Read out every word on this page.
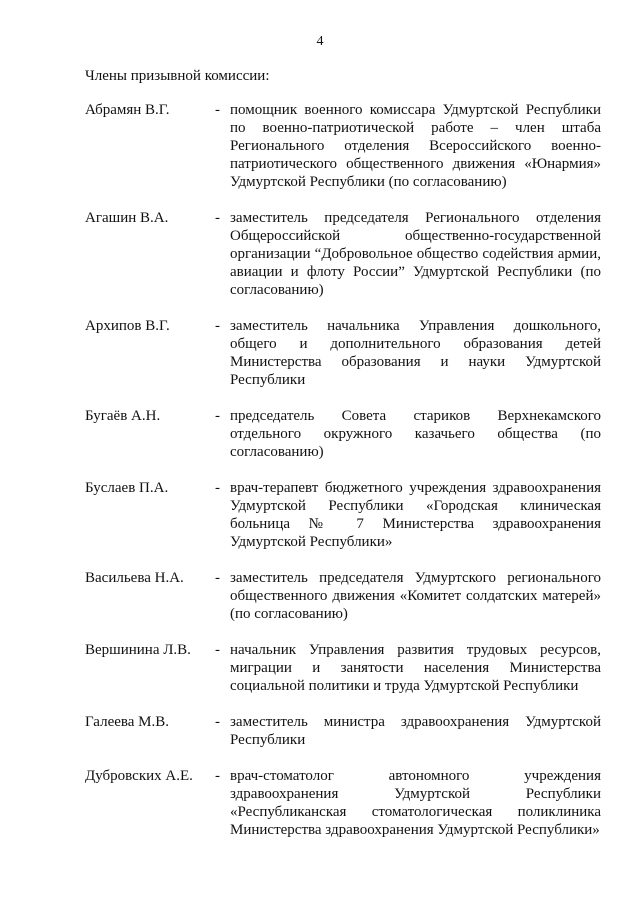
4
Члены призывной комиссии:
Абрамян В.Г.	- помощник военного комиссара Удмуртской Республики по военно-патриотической работе – член штаба Регионального отделения Всероссийского военно-патриотического общественного движения «Юнармия» Удмуртской Республики (по согласованию)
Агашин В.А.	- заместитель председателя Регионального отделения Общероссийской общественно-государственной организации “Добровольное общество содействия армии, авиации и флоту России” Удмуртской Республики (по согласованию)
Архипов В.Г.	- заместитель начальника Управления дошкольного, общего и дополнительного образования детей Министерства образования и науки Удмуртской Республики
Бугаёв А.Н.	- председатель Совета стариков Верхнекамского отдельного окружного казачьего общества (по согласованию)
Буслаев П.А.	- врач-терапевт бюджетного учреждения здравоохранения Удмуртской Республики «Городская клиническая больница № 7 Министерства здравоохранения Удмуртской Республики»
Васильева Н.А.	- заместитель председателя Удмуртского регионального общественного движения «Комитет солдатских матерей» (по согласованию)
Вершинина Л.В.	- начальник Управления развития трудовых ресурсов, миграции и занятости населения Министерства социальной политики и труда Удмуртской Республики
Галеева М.В.	- заместитель министра здравоохранения Удмуртской Республики
Дубровских А.Е.	- врач-стоматолог автономного учреждения здравоохранения Удмуртской Республики «Республиканская стоматологическая поликлиника Министерства здравоохранения Удмуртской Республики»
